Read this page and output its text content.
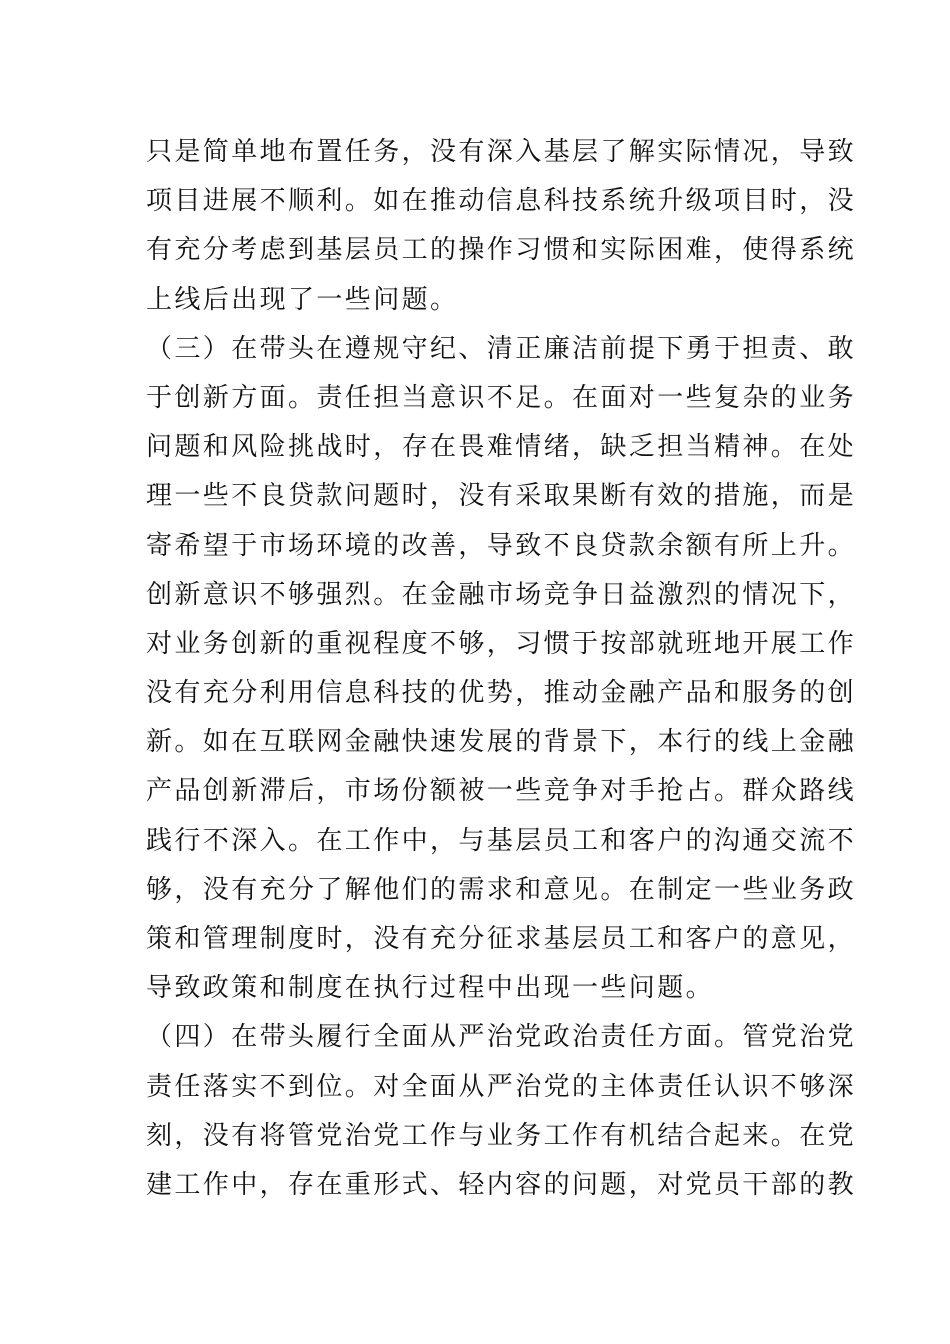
只是简单地布置任务，没有深入基层了解实际情况，导致
项目进展不顺利。如在推动信息科技系统升级项目时，没
有充分考虑到基层员工的操作习惯和实际困难，使得系统
上线后出现了一些问题。
（三）在带头在遵规守纪、清正廉洁前提下勇于担责、敢
于创新方面。责任担当意识不足。在面对一些复杂的业务
问题和风险挑战时，存在畏难情绪，缺乏担当精神。在处
理一些不良贷款问题时，没有采取果断有效的措施，而是
寄希望于市场环境的改善，导致不良贷款余额有所上升。
创新意识不够强烈。在金融市场竞争日益激烈的情况下，
对业务创新的重视程度不够，习惯于按部就班地开展工作
没有充分利用信息科技的优势，推动金融产品和服务的创
新。如在互联网金融快速发展的背景下，本行的线上金融
产品创新滞后，市场份额被一些竞争对手抢占。群众路线
践行不深入。在工作中，与基层员工和客户的沟通交流不
够，没有充分了解他们的需求和意见。在制定一些业务政
策和管理制度时，没有充分征求基层员工和客户的意见，
导致政策和制度在执行过程中出现一些问题。
（四）在带头履行全面从严治党政治责任方面。管党治党
责任落实不到位。对全面从严治党的主体责任认识不够深
刻，没有将管党治党工作与业务工作有机结合起来。在党
建工作中，存在重形式、轻内容的问题，对党员干部的教
